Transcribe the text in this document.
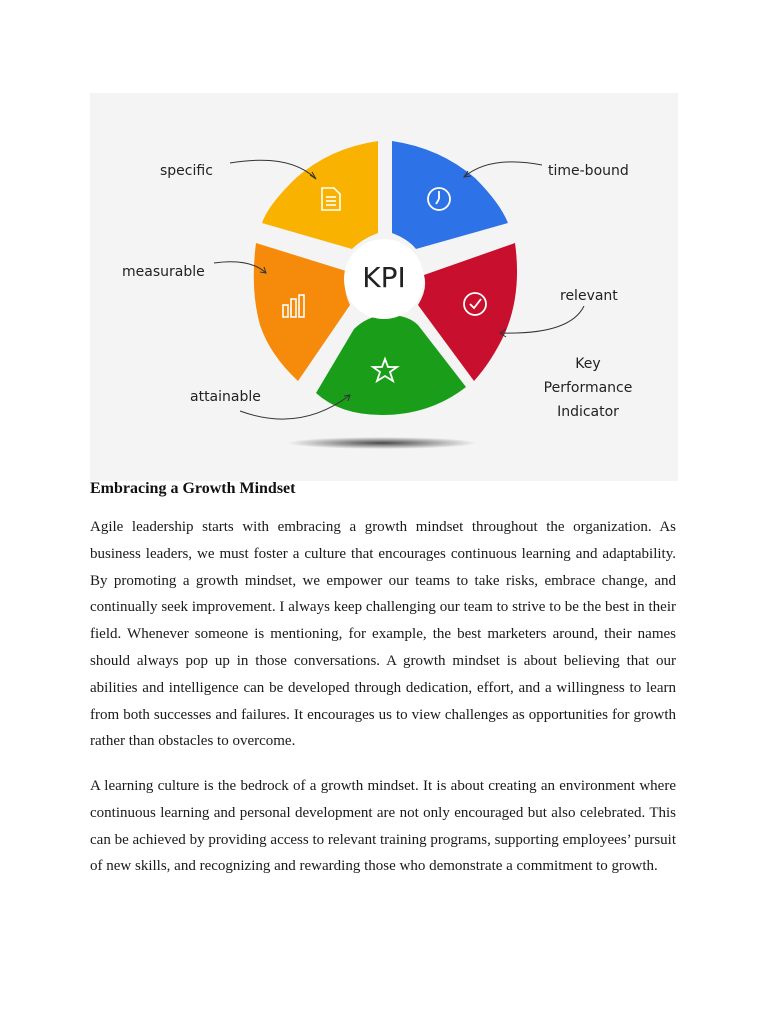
KPI
specific	time-bound
relevant
attainable
measurable
Key
Performance
Indicator
Embracing a Growth Mindset

Agile leadership starts with embracing a growth mindset throughout the organization. As business leaders, we must foster a culture that encourages continuous learning and adaptability. By promoting a growth mindset, we empower our teams to take risks, embrace change, and continually seek improvement. I always keep challenging our team to strive to be the best in their field. Whenever someone is mentioning, for example, the best marketers around, their names should always pop up in those conversations. A growth mindset is about believing that our abilities and intelligence can be developed through dedication, effort, and a willingness to learn from both successes and failures. It encourages us to view challenges as opportunities for growth rather than obstacles to overcome.

A learning culture is the bedrock of a growth mindset. It is about creating an environment where continuous learning and personal development are not only encouraged but also celebrated. This can be achieved by providing access to relevant training programs, supporting employees’ pursuit of new skills, and recognizing and rewarding those who demonstrate a commitment to growth.
